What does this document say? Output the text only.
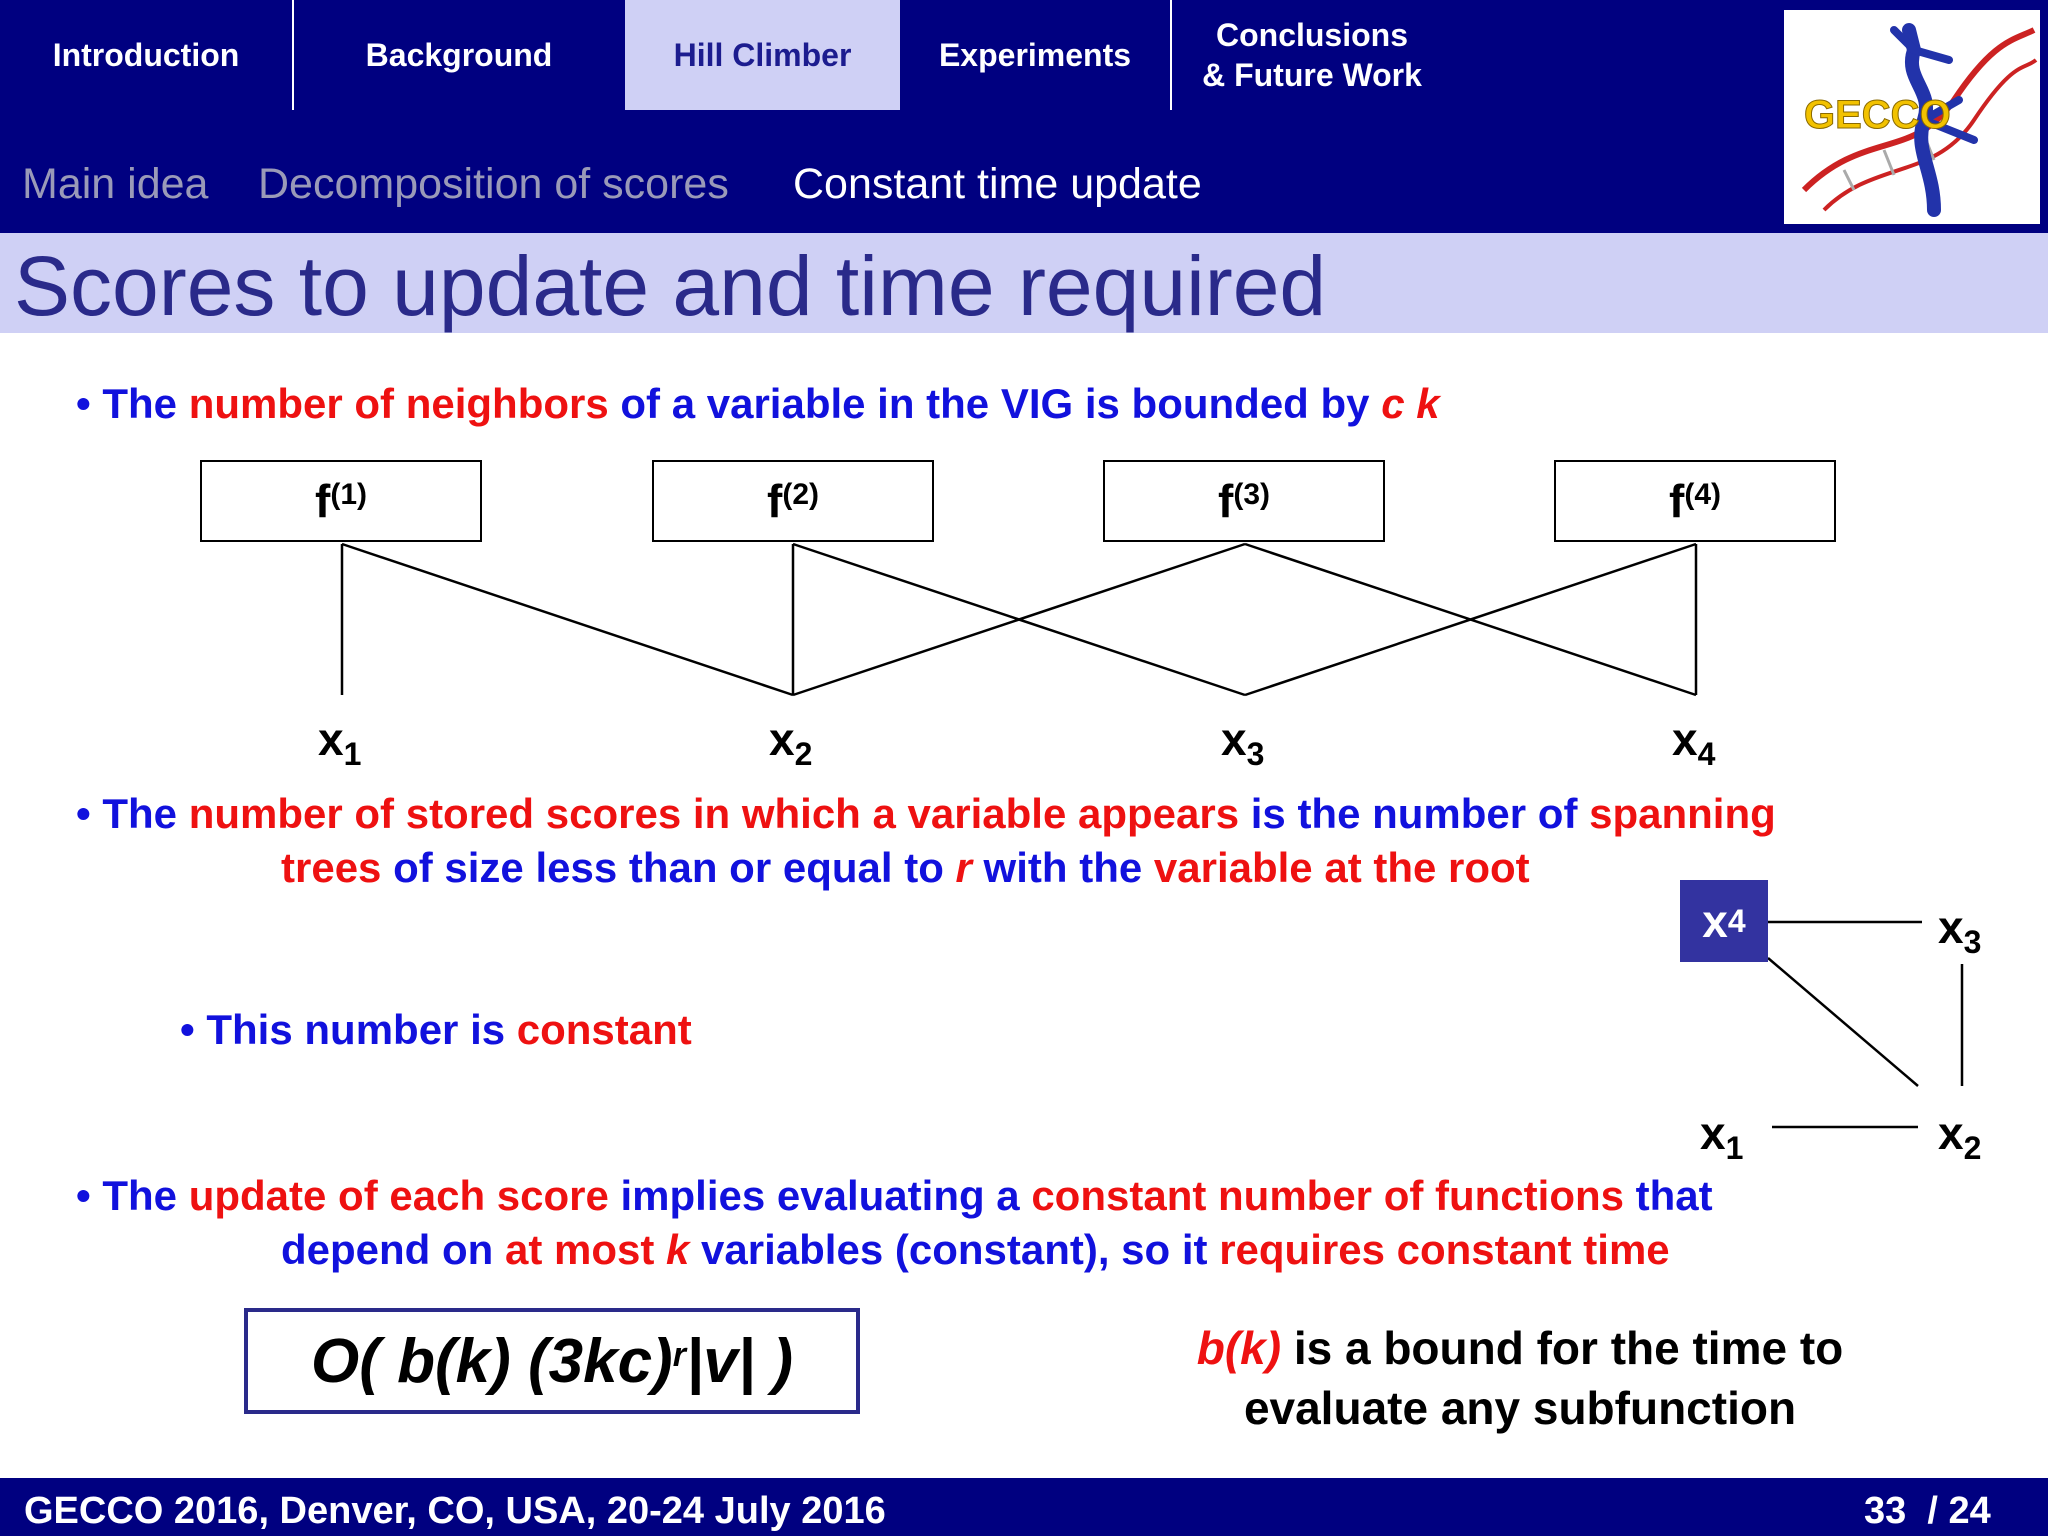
Introduction	Background	Hill Climber	Experiments
Conclusions
& Future Work
Main idea Decomposition of scores Constant time update
GECCO
Scores to update and time required
• The number of neighbors of a variable in the VIG is bounded by c k
$f^{(1)}$	$f^{(2)}$	$f^{(3)}$	$f^{(4)}$
$x_1$	$x_2$	$x_3$	$x_4$
• The number of stored scores in which a variable appears is the number of spanning
trees of size less than or equal to r with the variable at the root
• This number is constant
x 4	$x_3$
$x_1$	$x_2$
• The update of each score implies evaluating a constant number of functions that
depend on at most k variables (constant), so it requires constant time
O( b(k) $(3kc)^r$ |v| )	b(k) is a bound for the time to
evaluate any subfunction
GECCO 2016, Denver, CO, USA, 20-24 July 2016	33 / 24
